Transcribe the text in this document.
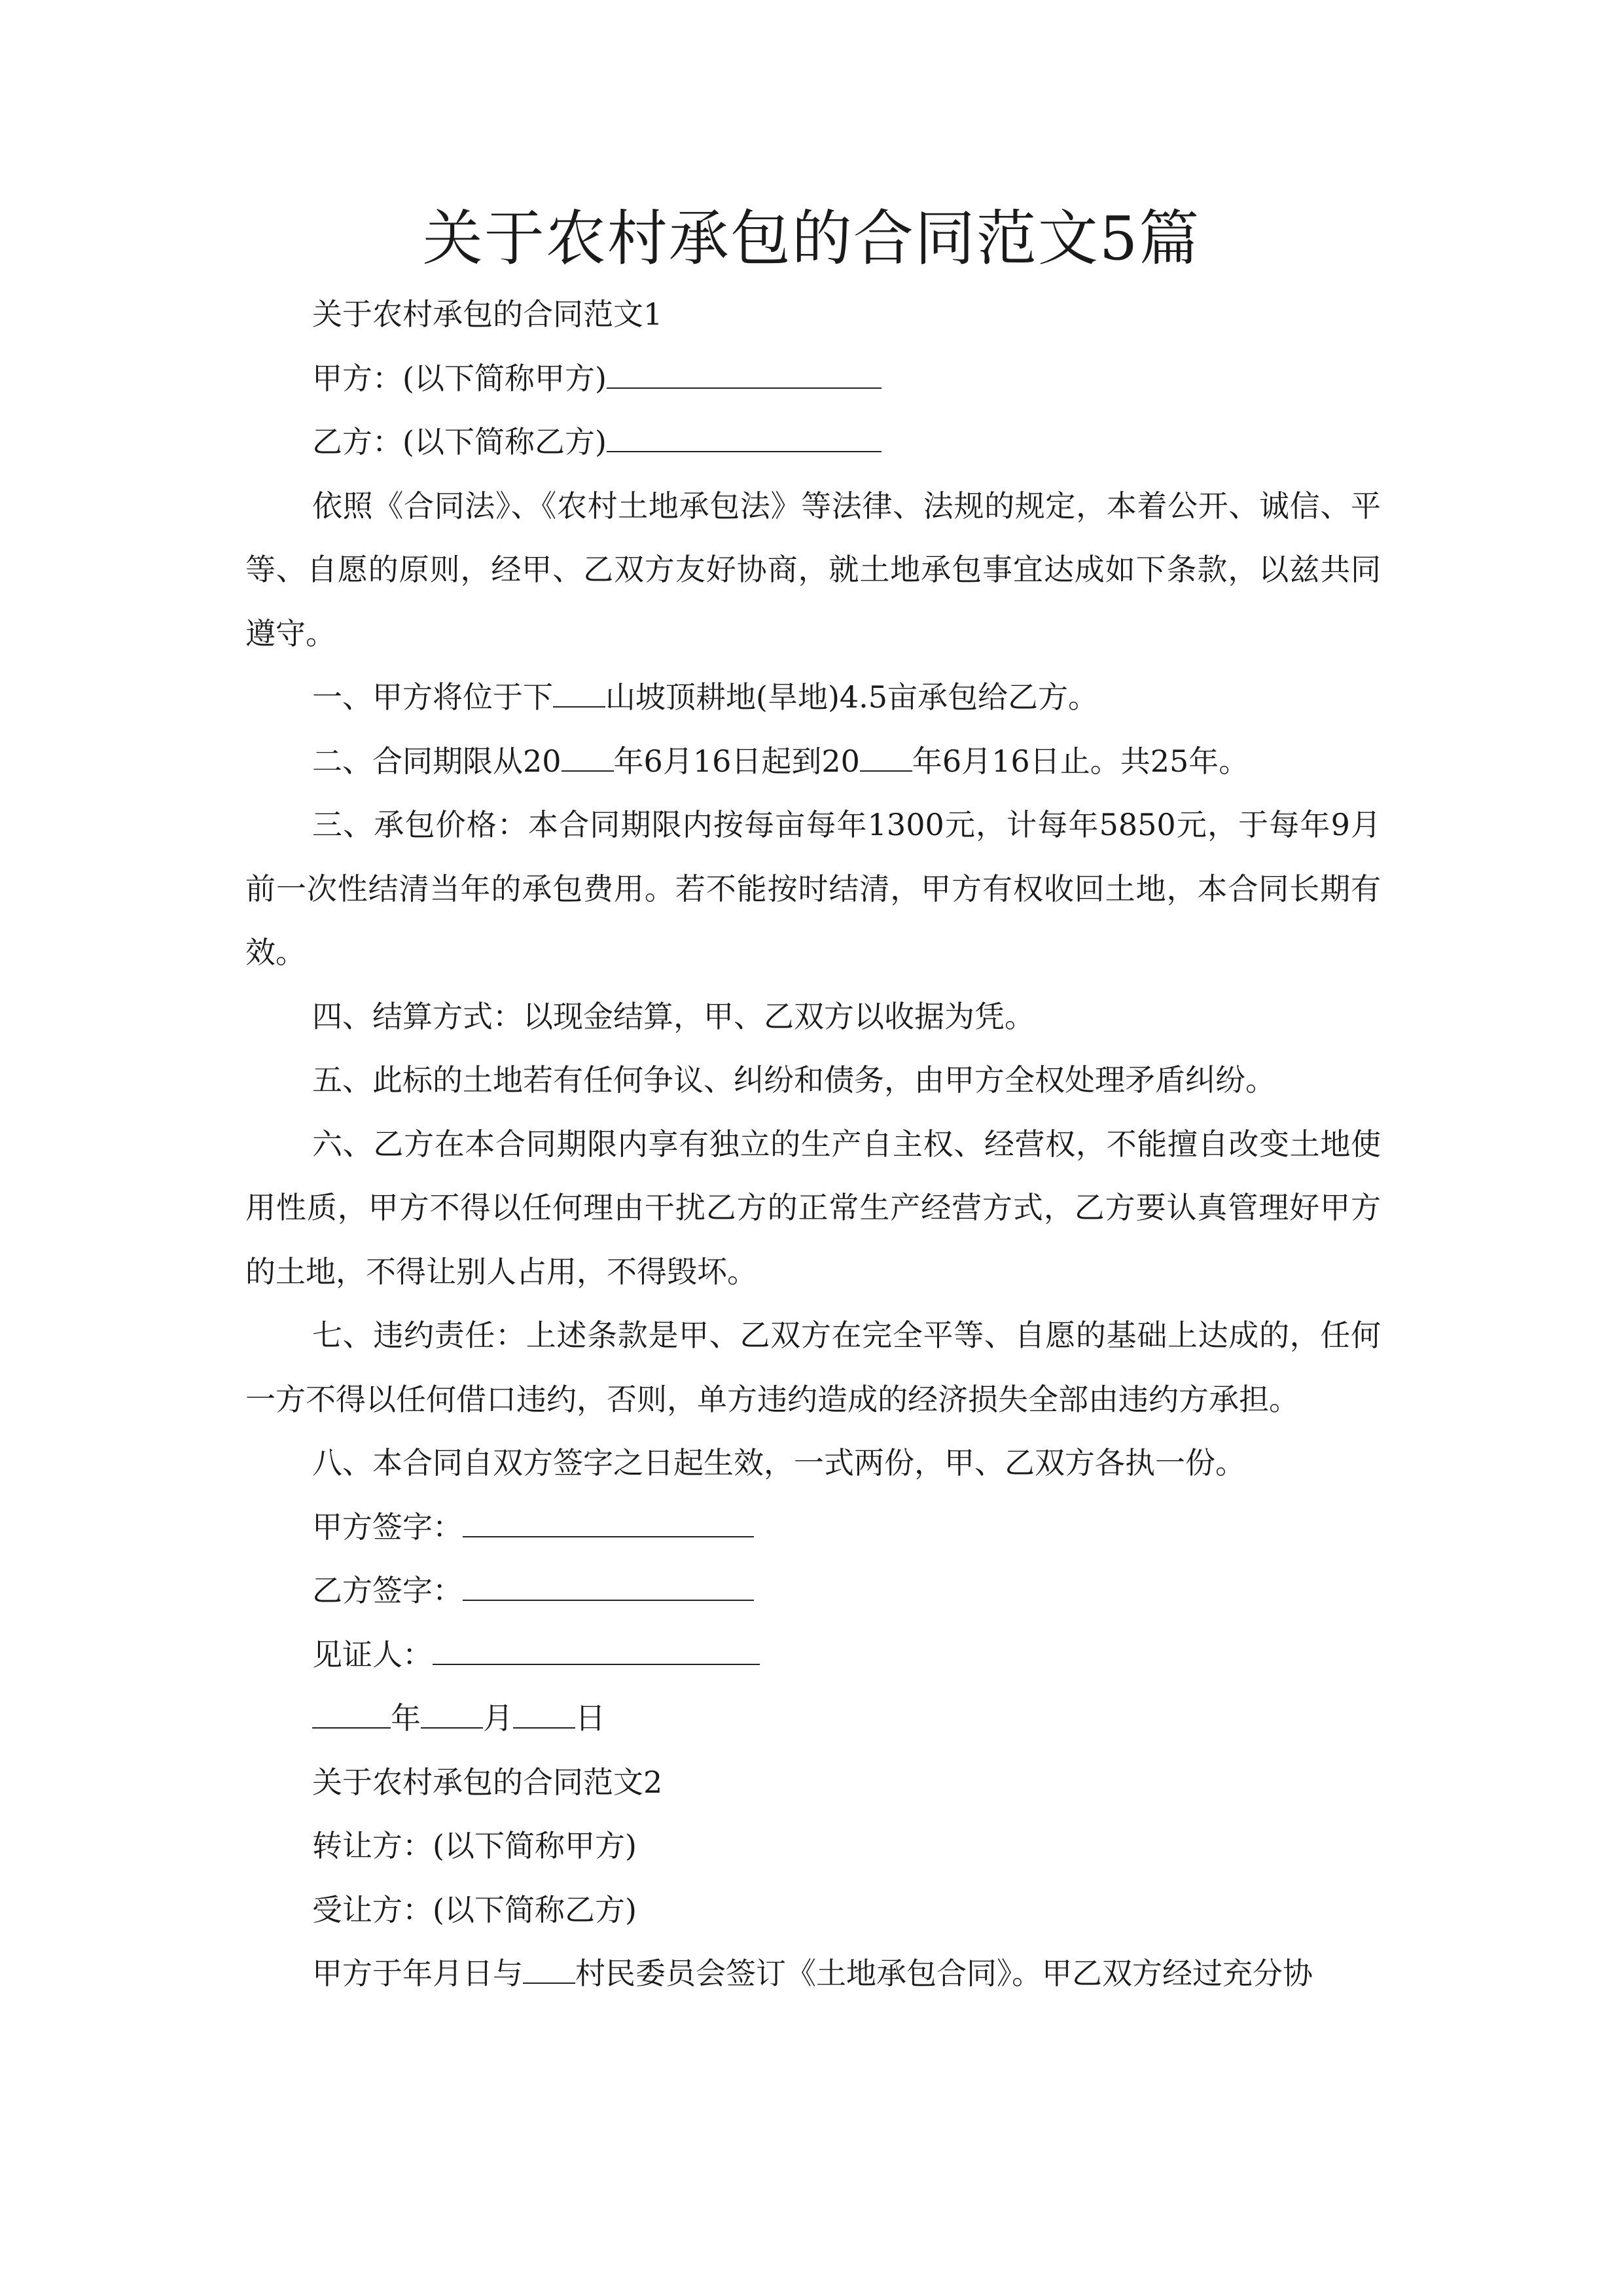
关于农村承包的合同范文5篇

关于农村承包的合同范文1

甲方：(以下简称甲方)

乙方：(以下简称乙方)

依照《合同法》、《农村土地承包法》等法律、法规的规定，本着公开、诚信、平等、自愿的原则，经甲、乙双方友好协商，就土地承包事宜达成如下条款，以兹共同遵守。

一、甲方将位于下 山坡顶耕地(旱地)4.5亩承包给乙方。

二、合同期限从20 年6月16日起到20 年6月16日止。共25年。

三、承包价格：本合同期限内按每亩每年1300元，计每年5850元，于每年9月前一次性结清当年的承包费用。若不能按时结清，甲方有权收回土地，本合同长期有效。

四、结算方式：以现金结算，甲、乙双方以收据为凭。

五、此标的土地若有任何争议、纠纷和债务，由甲方全权处理矛盾纠纷。

六、乙方在本合同期限内享有独立的生产自主权、经营权，不能擅自改变土地使用性质，甲方不得以任何理由干扰乙方的正常生产经营方式，乙方要认真管理好甲方的土地，不得让别人占用，不得毁坏。

七、违约责任：上述条款是甲、乙双方在完全平等、自愿的基础上达成的，任何一方不得以任何借口违约，否则，单方违约造成的经济损失全部由违约方承担。

八、本合同自双方签字之日起生效，一式两份，甲、乙双方各执一份。

甲方签字：

乙方签字：

见证人：

年 月 日

关于农村承包的合同范文2

转让方：(以下简称甲方)

受让方：(以下简称乙方)

甲方于年月日与 村民委员会签订《土地承包合同》。甲乙双方经过充分协
